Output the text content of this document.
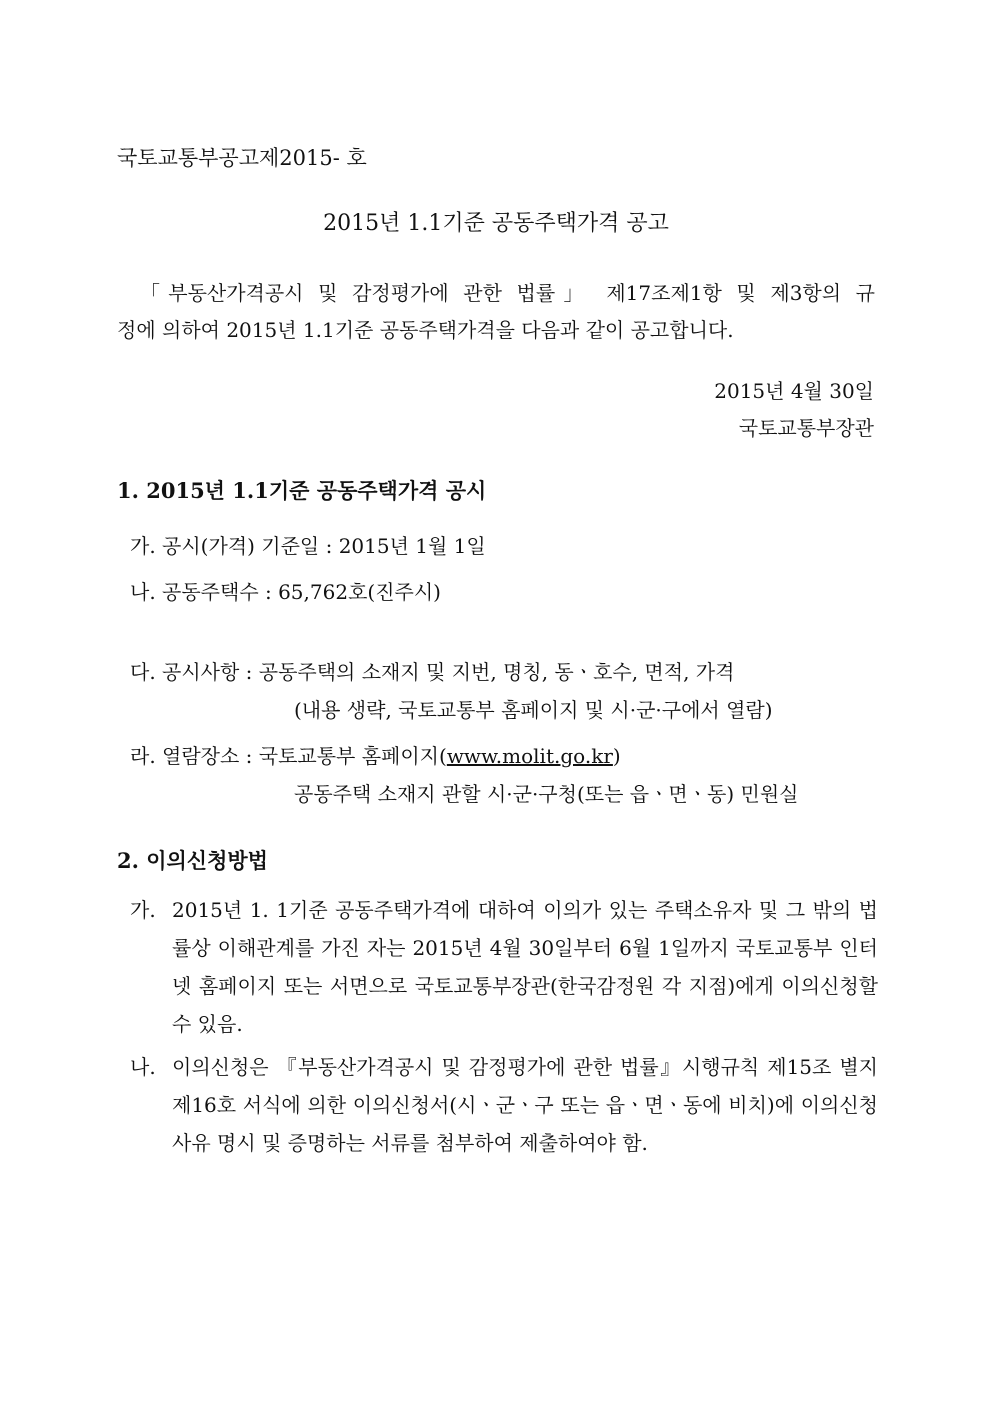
국토교통부공고제2015- 호
2015년 1.1기준 공동주택가격 공고
「부동산가격공시 및 감정평가에 관한 법률」 제17조제1항 및 제3항의 규
정에 의하여 2015년 1.1기준 공동주택가격을 다음과 같이 공고합니다.
2015년 4월 30일
국토교통부장관
1. 2015년 1.1기준 공동주택가격 공시
가. 공시(가격) 기준일 : 2015년 1월 1일
나. 공동주택수 : 65,762호(진주시)
다. 공시사항 : 공동주택의 소재지 및 지번, 명칭, 동ㆍ호수, 면적, 가격
(내용 생략, 국토교통부 홈페이지 및 시·군·구에서 열람)
라. 열람장소 : 국토교통부 홈페이지(www.molit.go.kr)
공동주택 소재지 관할 시·군·구청(또는 읍ㆍ면ㆍ동) 민원실
2. 이의신청방법
가. 2015년 1. 1기준 공동주택가격에 대하여 이의가 있는 주택소유자 및 그 밖의 법률상 이해관계를 가진 자는 2015년 4월 30일부터 6월 1일까지 국토교통부 인터넷 홈페이지 또는 서면으로 국토교통부장관(한국감정원 각 지점)에게 이의신청할 수 있음.
나. 이의신청은 『부동산가격공시 및 감정평가에 관한 법률』시행규칙 제15조 별지 제16호 서식에 의한 이의신청서(시ㆍ군ㆍ구 또는 읍ㆍ면ㆍ동에 비치)에 이의신청사유 명시 및 증명하는 서류를 첨부하여 제출하여야 함.
